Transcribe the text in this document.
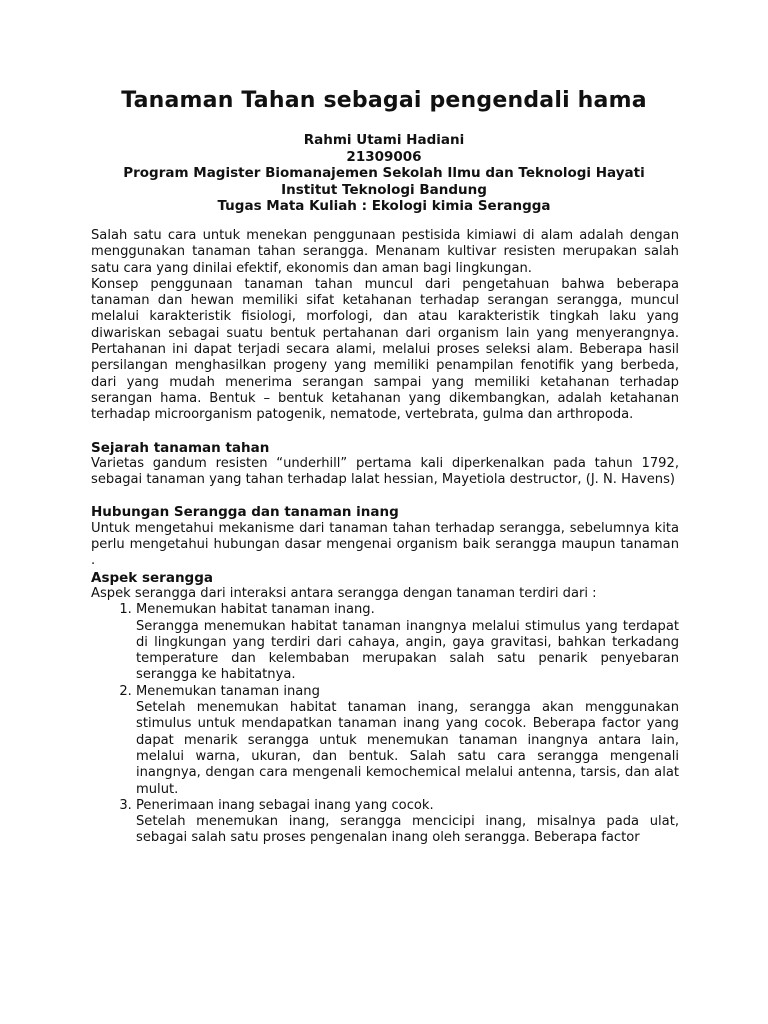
Tanaman Tahan sebagai pengendali hama
Rahmi Utami Hadiani
21309006
Program Magister Biomanajemen Sekolah Ilmu dan Teknologi Hayati
Institut Teknologi Bandung
Tugas Mata Kuliah : Ekologi kimia Serangga

Salah satu cara untuk menekan penggunaan pestisida kimiawi di alam adalah dengan menggunakan tanaman tahan serangga. Menanam kultivar resisten merupakan salah satu cara yang dinilai efektif, ekonomis dan aman bagi lingkungan.

Konsep penggunaan tanaman tahan muncul dari pengetahuan bahwa beberapa tanaman dan hewan memiliki sifat ketahanan terhadap serangan serangga, muncul melalui karakteristik fisiologi, morfologi, dan atau karakteristik tingkah laku yang diwariskan sebagai suatu bentuk pertahanan dari organism lain yang menyerangnya. Pertahanan ini dapat terjadi secara alami, melalui proses seleksi alam. Beberapa hasil persilangan menghasilkan progeny yang memiliki penampilan fenotifik yang berbeda, dari yang mudah menerima serangan sampai yang memiliki ketahanan terhadap serangan hama. Bentuk – bentuk ketahanan yang dikembangkan, adalah ketahanan terhadap microorganism patogenik, nematode, vertebrata, gulma dan arthropoda.

Sejarah tanaman tahan

Varietas gandum resisten “underhill” pertama kali diperkenalkan pada tahun 1792, sebagai tanaman yang tahan terhadap lalat hessian, Mayetiola destructor, (J. N. Havens)

Hubungan Serangga dan tanaman inang

Untuk mengetahui mekanisme dari tanaman tahan terhadap serangga, sebelumnya kita perlu mengetahui hubungan dasar mengenai organism baik serangga maupun tanaman .

Aspek serangga

Aspek serangga dari interaksi antara serangga dengan tanaman terdiri dari :

1. Menemukan habitat tanaman inang.
Serangga menemukan habitat tanaman inangnya melalui stimulus yang terdapat di lingkungan yang terdiri dari cahaya, angin, gaya gravitasi, bahkan terkadang temperature dan kelembaban merupakan salah satu penarik penyebaran serangga ke habitatnya.
2. Menemukan tanaman inang
Setelah menemukan habitat tanaman inang, serangga akan menggunakan stimulus untuk mendapatkan tanaman inang yang cocok. Beberapa factor yang dapat menarik serangga untuk menemukan tanaman inangnya antara lain, melalui warna, ukuran, dan bentuk. Salah satu cara serangga mengenali inangnya, dengan cara mengenali kemochemical melalui antenna, tarsis, dan alat mulut.
3. Penerimaan inang sebagai inang yang cocok.
Setelah menemukan inang, serangga mencicipi inang, misalnya pada ulat, sebagai salah satu proses pengenalan inang oleh serangga. Beberapa factor
